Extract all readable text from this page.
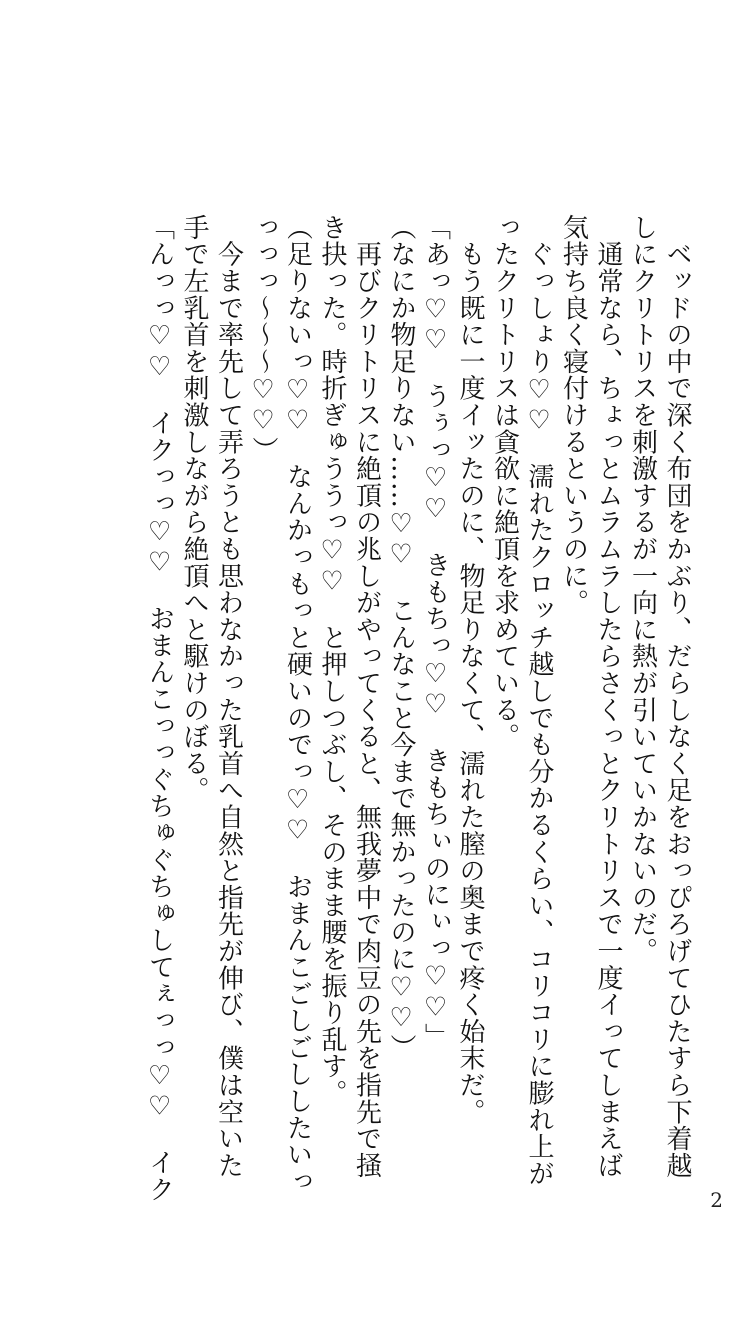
　ベッドの中で深く布団をかぶり、だらしなく足をおっぴろげてひたすら下着越
しにクリトリスを刺激するが一向に熱が引いていかないのだ。
　通常なら、ちょっとムラムラしたらさくっとクリトリスで一度イってしまえば
気持ち良く寝付けるというのに。
　ぐっしょり♡♡　濡れたクロッチ越しでも分かるくらい、コリコリに膨れ上が
ったクリトリスは貪欲に絶頂を求めている。
　もう既に一度イッたのに、物足りなくて、濡れた膣の奥まで疼く始末だ。
「あっ♡♡　うぅっ♡♡　きもちっ♡♡　きもちぃのにぃっ♡♡」
（なにか物足りない……♡♡　こんなこと今まで無かったのに♡♡）
　再びクリトリスに絶頂の兆しがやってくると、無我夢中で肉豆の先を指先で掻
き抉った。時折ぎゅううっ♡♡　と押しつぶし、そのまま腰を振り乱す。
（足りないっ♡♡　なんかっもっと硬いのでっ♡♡　おまんこごしごししたいっ
っっっ〜〜〜♡♡）
　今まで率先して弄ろうとも思わなかった乳首へ自然と指先が伸び、僕は空いた
手で左乳首を刺激しながら絶頂へと駆けのぼる。
「んっっ♡♡　イクっっ♡♡　おまんこっっぐちゅぐちゅしてぇっっ♡♡　イク	2
